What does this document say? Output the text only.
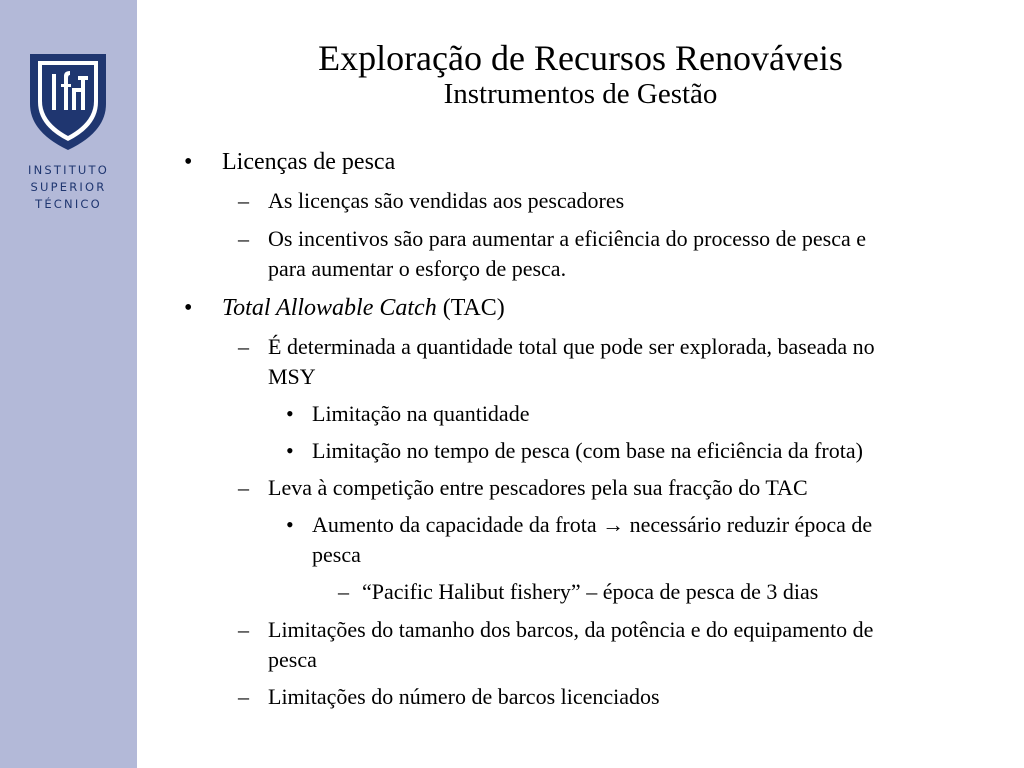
INSTITUTO
SUPERIOR
TÉCNICO
Exploração de Recursos Renováveis
Instrumentos de Gestão
• Licenças de pesca
– As licenças são vendidas aos pescadores
– Os incentivos são para aumentar a eficiência do processo de pesca e
para aumentar o esforço de pesca.
• Total Allowable Catch (TAC)
– É determinada a quantidade total que pode ser explorada, baseada no
MSY
• Limitação na quantidade
• Limitação no tempo de pesca (com base na eficiência da frota)
– Leva à competição entre pescadores pela sua fracção do TAC
• Aumento da capacidade da frota → necessário reduzir época de
pesca
– “Pacific Halibut fishery” – época de pesca de 3 dias
– Limitações do tamanho dos barcos, da potência e do equipamento de
pesca
– Limitações do número de barcos licenciados
